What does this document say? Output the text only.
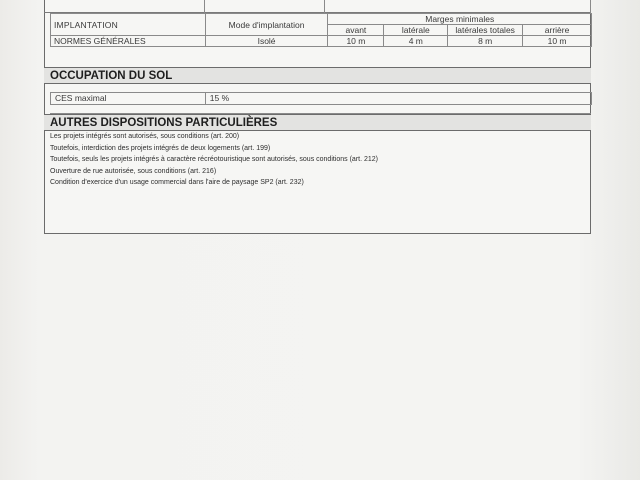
IMPLANTATION	Mode d'implantation	Marges minimales			
		avant	latérale	latérales totales	arrière
NORMES GÉNÉRALES	Isolé	10 m	4 m	8 m	10 m
OCCUPATION DU SOL
CES maximal	15 %
AUTRES DISPOSITIONS PARTICULIÈRES
Les projets intégrés sont autorisés, sous conditions (art. 200)
Toutefois, interdiction des projets intégrés de deux logements (art. 199)
Toutefois, seuls les projets intégrés à caractère récréotouristique sont autorisés, sous conditions (art. 212)
Ouverture de rue autorisée, sous conditions (art. 216)
Condition d'exercice d'un usage commercial dans l'aire de paysage SP2 (art. 232)
